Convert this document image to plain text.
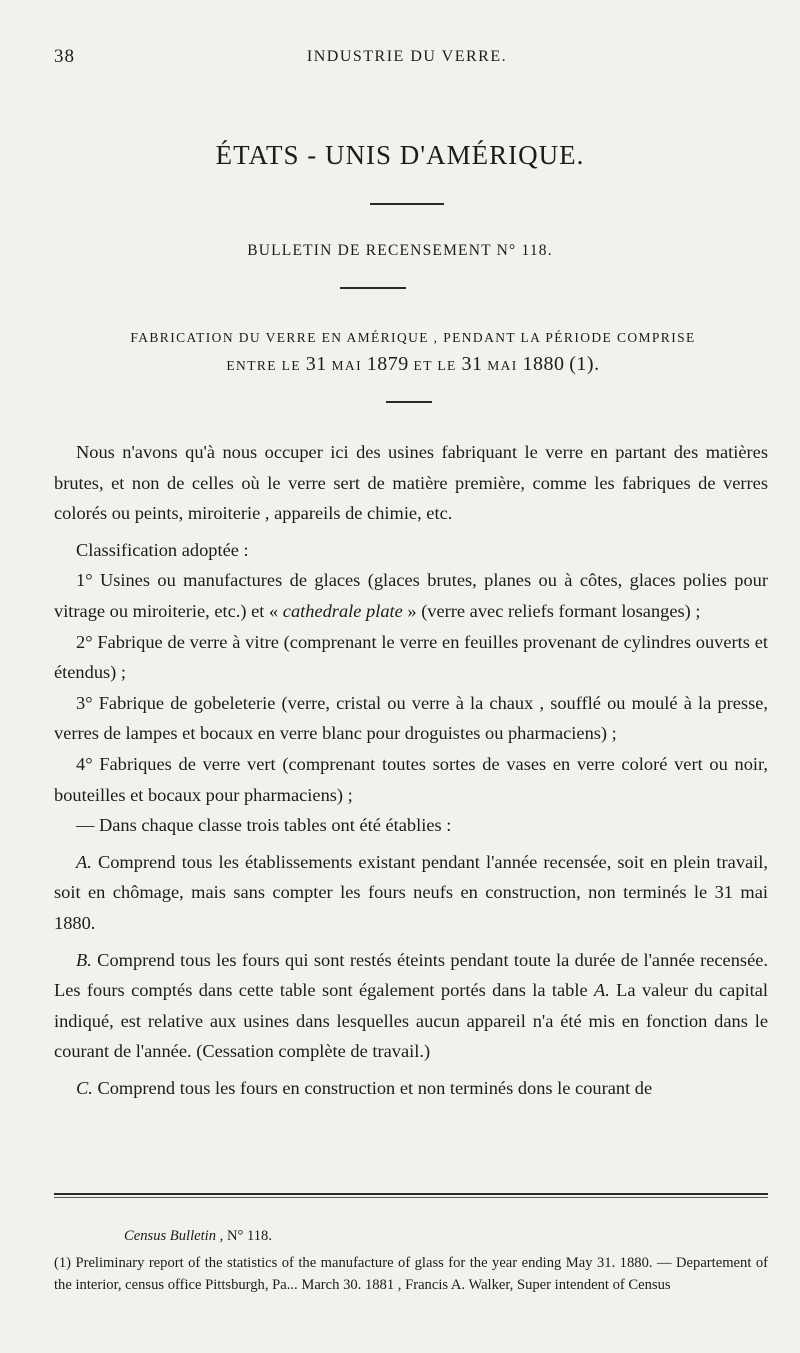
38	INDUSTRIE DU VERRE.
ÉTATS - UNIS D'AMÉRIQUE.
BULLETIN DE RECENSEMENT N° 118.
FABRICATION DU VERRE EN AMÉRIQUE , PENDANT LA PÉRIODE COMPRISE
ENTRE LE 31 MAI 1879 ET LE 31 MAI 1880 (1).

Nous n'avons qu'à nous occuper ici des usines fabriquant le verre en partant des matières brutes, et non de celles où le verre sert de matière première, comme les fabriques de verres colorés ou peints, miroiterie , appareils de chimie, etc.

Classification adoptée :

1° Usines ou manufactures de glaces (glaces brutes, planes ou à côtes, glaces polies pour vitrage ou miroiterie, etc.) et « cathedrale plate » (verre avec reliefs formant losanges) ;

2° Fabrique de verre à vitre (comprenant le verre en feuilles provenant de cylindres ouverts et étendus) ;

3° Fabrique de gobeleterie (verre, cristal ou verre à la chaux , soufflé ou moulé à la presse, verres de lampes et bocaux en verre blanc pour droguistes ou pharmaciens) ;

4° Fabriques de verre vert (comprenant toutes sortes de vases en verre coloré vert ou noir, bouteilles et bocaux pour pharmaciens) ;

— Dans chaque classe trois tables ont été établies :

A. Comprend tous les établissements existant pendant l'année recensée, soit en plein travail, soit en chômage, mais sans compter les fours neufs en construction, non terminés le 31 mai 1880.

B. Comprend tous les fours qui sont restés éteints pendant toute la durée de l'année recensée. Les fours comptés dans cette table sont également portés dans la table A. La valeur du capital indiqué, est relative aux usines dans lesquelles aucun appareil n'a été mis en fonction dans le courant de l'année. (Cessation complète de travail.)

C. Comprend tous les fours en construction et non terminés dons le courant de

Census Bulletin , N° 118.

(1) Preliminary report of the statistics of the manufacture of glass for the year ending May 31. 1880. — Departement of the interior, census office Pittsburgh, Pa... March 30. 1881 , Francis A. Walker, Super intendent of Census
